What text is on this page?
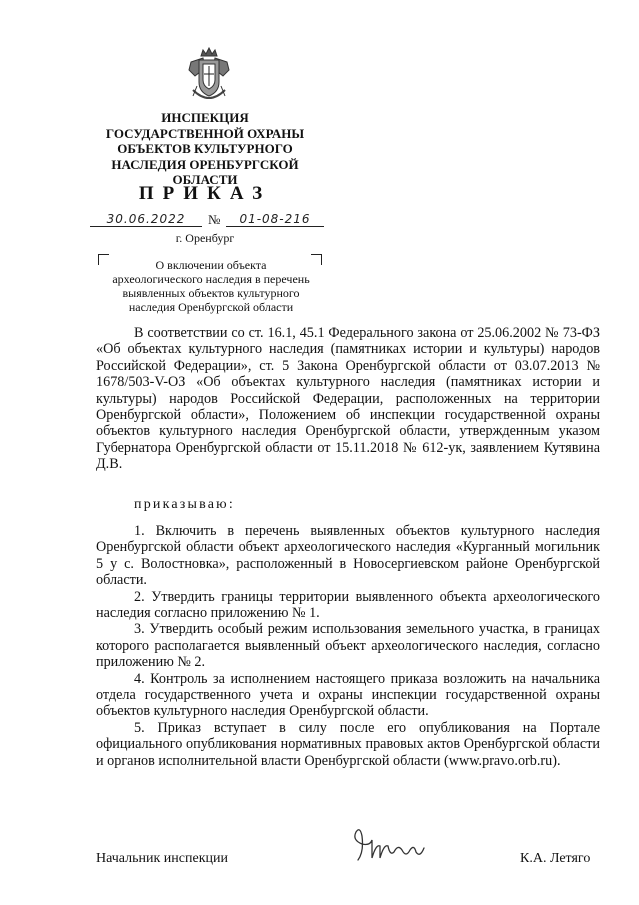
ИНСПЕКЦИЯ
ГОСУДАРСТВЕННОЙ ОХРАНЫ
ОБЪЕКТОВ КУЛЬТУРНОГО
НАСЛЕДИЯ ОРЕНБУРГСКОЙ
ОБЛАСТИ
ПРИКАЗ
30.06.2022	№	01-08-216
г. Оренбург
О включении объекта
археологического наследия в перечень
выявленных объектов культурного
наследия Оренбургской области

В соответствии со ст. 16.1, 45.1 Федерального закона от 25.06.2002 № 73-ФЗ «Об объектах культурного наследия (памятниках истории и культуры) народов Российской Федерации», ст. 5 Закона Оренбургской области от 03.07.2013 № 1678/503-V-ОЗ «Об объектах культурного наследия (памятниках истории и культуры) народов Российской Федерации, расположенных на территории Оренбургской области», Положением об инспекции государственной охраны объектов культурного наследия Оренбургской области, утвержденным указом Губернатора Оренбургской области от 15.11.2018 № 612-ук, заявлением Кутявина Д.В.

приказываю:

1. Включить в перечень выявленных объектов культурного наследия Оренбургской области объект археологического наследия «Курганный могильник 5 у с. Волостновка», расположенный в Новосергиевском районе Оренбургской области.

2. Утвердить границы территории выявленного объекта археологического наследия согласно приложению № 1.

3. Утвердить особый режим использования земельного участка, в границах которого располагается выявленный объект археологического наследия, согласно приложению № 2.

4. Контроль за исполнением настоящего приказа возложить на начальника отдела государственного учета и охраны инспекции государственной охраны объектов культурного наследия Оренбургской области.

5. Приказ вступает в силу после его опубликования на Портале официального опубликования нормативных правовых актов Оренбургской области и органов исполнительной власти Оренбургской области (www.pravo.orb.ru).

Начальник инспекции	К.А. Летяго
